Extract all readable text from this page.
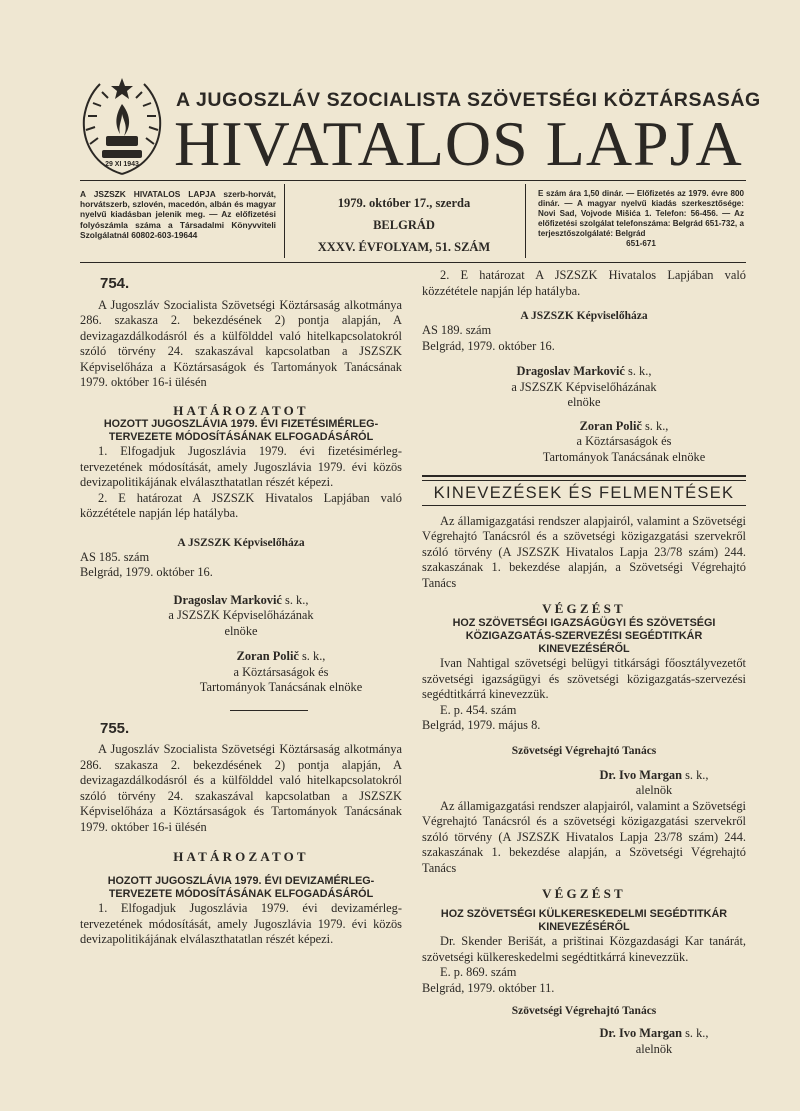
29 XI 1943
A JUGOSZLÁV SZOCIALISTA SZÖVETSÉGI KÖZTÁRSASÁG
HIVATALOS LAPJA
A JSZSZK HIVATALOS LAPJA szerb-horvát, horvátszerb, szlovén, macedón, albán és magyar nyelvű kiadásban jelenik meg. — Az előfizetési folyószámla száma a Társadalmi Könyvviteli Szolgálatnál 60802-603-19644
1979. október 17., szerda
BELGRÁD
XXXV. ÉVFOLYAM, 51. SZÁM
E szám ára 1,50 dinár. — Előfizetés az 1979. évre 800 dinár. — A magyar nyelvű kiadás szerkesztősége: Novi Sad, Vojvode Mišića 1. Telefon: 56-456. — Az előfizetési szolgálat telefonszáma: Belgrád 651-732, a terjesztőszolgálaté: Belgrád
651-671
754.

A Jugoszláv Szocialista Szövetségi Köztársaság alkotmánya 286. szakasza 2. bekezdésének 2) pontja alapján, A devizagazdálkodásról és a külfölddel való hitelkapcsolatokról szóló törvény 24. szakaszával kapcsolatban a JSZSZK Képviselőháza a Köztársaságok és Tartományok Tanácsának 1979. október 16-i ülésén

HATÁROZATOT
HOZOTT JUGOSZLÁVIA 1979. ÉVI FIZETÉSIMÉRLEG-TERVEZETE MÓDOSÍTÁSÁNAK ELFOGADÁSÁRÓL

1. Elfogadjuk Jugoszlávia 1979. évi fizetésimérleg-tervezetének módosítását, amely Jugoszlávia 1979. évi közös devizapolitikájának elválaszthatatlan részét képezi.

2. E határozat A JSZSZK Hivatalos Lapjában való közzététele napján lép hatályba.

A JSZSZK Képviselőháza

AS 185. szám

Belgrád, 1979. október 16.

Dragoslav Marković s. k.,
a JSZSZK Képviselőházának
elnöke
Zoran Polič s. k.,
a Köztársaságok és
Tartományok Tanácsának elnöke
755.

A Jugoszláv Szocialista Szövetségi Köztársaság alkotmánya 286. szakasza 2. bekezdésének 2) pontja alapján, A devizagazdálkodásról és a külfölddel való hitelkapcsolatokról szóló törvény 24. szakaszával kapcsolatban a JSZSZK Képviselőháza a Köztársaságok és Tartományok Tanácsának 1979. október 16-i ülésén

HATÁROZATOT
HOZOTT JUGOSZLÁVIA 1979. ÉVI DEVIZAMÉRLEG-TERVEZETE MÓDOSÍTÁSÁNAK ELFOGADÁSÁRÓL

1. Elfogadjuk Jugoszlávia 1979. évi devizamérleg-tervezetének módosítását, amely Jugoszlávia 1979. évi közös devizapolitikájának elválaszthatatlan részét képezi.

2. E határozat A JSZSZK Hivatalos Lapjában való közzététele napján lép hatályba.

A JSZSZK Képviselőháza

AS 189. szám

Belgrád, 1979. október 16.

Dragoslav Marković s. k.,
a JSZSZK Képviselőházának
elnöke
Zoran Polič s. k.,
a Köztársaságok és
Tartományok Tanácsának elnöke
KINEVEZÉSEK ÉS FELMENTÉSEK

Az államigazgatási rendszer alapjairól, valamint a Szövetségi Végrehajtó Tanácsról és a szövetségi közigazgatási szervekről szóló törvény (A JSZSZK Hivatalos Lapja 23/78 szám) 244. szakaszának 1. bekezdése alapján, a Szövetségi Végrehajtó Tanács

VÉGZÉST
HOZ SZÖVETSÉGI IGAZSÁGÜGYI ÉS SZÖVETSÉGI KÖZIGAZGATÁS-SZERVEZÉSI SEGÉDTITKÁR KINEVEZÉSÉRŐL

Ivan Nahtigal szövetségi belügyi titkársági főosztályvezetőt szövetségi igazságügyi és szövetségi közigazgatás-szervezési segédtitkárrá kinevezzük.

E. p. 454. szám

Belgrád, 1979. május 8.

Szövetségi Végrehajtó Tanács
Dr. Ivo Margan s. k.,
alelnök

Az államigazgatási rendszer alapjairól, valamint a Szövetségi Végrehajtó Tanácsról és a szövetségi közigazgatási szervekről szóló törvény (A JSZSZK Hivatalos Lapja 23/78 szám) 244. szakaszának 1. bekezdése alapján, a Szövetségi Végrehajtó Tanács

VÉGZÉST
HOZ SZÖVETSÉGI KÜLKERESKEDELMI SEGÉDTITKÁR KINEVEZÉSÉRŐL

Dr. Skender Berišát, a prištinai Közgazdasági Kar tanárát, szövetségi külkereskedelmi segédtitkárrá kinevezzük.

E. p. 869. szám

Belgrád, 1979. október 11.

Szövetségi Végrehajtó Tanács
Dr. Ivo Margan s. k.,
alelnök
